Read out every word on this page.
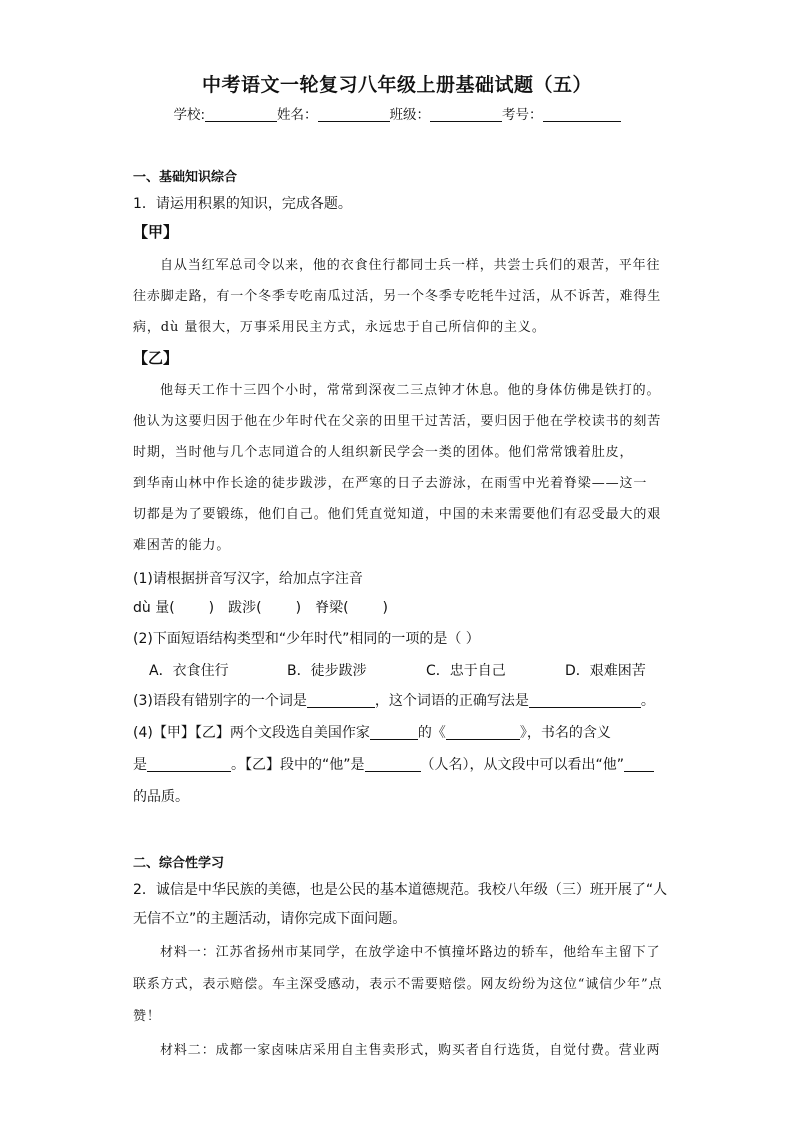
中考语文一轮复习八年级上册基础试题（五）
学校:	姓名：	班级：	考号：
一、基础知识综合
1．请运用积累的知识，完成各题。
【甲】
自从当红军总司令以来，他的衣食住行都同士兵一样，共尝士兵们的艰苦，平年往
往赤脚走路，有一个冬季专吃南瓜过活，另一个冬季专吃牦牛过活，从不诉苦，难得生
病，dù 量很大，万事采用民主方式，永远忠于自己所信仰的主义。
【乙】
他每天工作十三四个小时，常常到深夜二三点钟才休息。他的身体仿佛是铁打的。
他认为这要归因于他在少年时代在父亲的田里干过苦活，要归因于他在学校读书的刻苦
时期，当时他与几个志同道合的人组织新民学会一类的团体。他们常常饿着肚皮，
到华南山林中作长途的徒步跋涉，在严寒的日子去游泳，在雨雪中光着脊梁——这一
切都是为了要锻练，他们自己。他们凭直觉知道，中国的未来需要他们有忍受最大的艰
难困苦的能力。
(1)请根据拼音写汉字，给加点字注音
dù 量( ) 跋涉( ) 脊梁( )
(2)下面短语结构类型和“少年时代”相同的一项的是（ ）
A．衣食住行	B．徒步跋涉	C．忠于自己	D．艰难困苦
(3)语段有错别字的一个词是	，这个词语的正确写法是	。
(4)【甲】【乙】两个文段选自美国作家	的《	》，书名的含义
是	。【乙】段中的“他”是	（人名），从文段中可以看出“他”
的品质。
二、综合性学习
2．诚信是中华民族的美德，也是公民的基本道德规范。我校八年级（三）班开展了“人
无信不立”的主题活动，请你完成下面问题。
材料一：江苏省扬州市某同学，在放学途中不慎撞坏路边的轿车，他给车主留下了
联系方式，表示赔偿。车主深受感动，表示不需要赔偿。网友纷纷为这位“诚信少年”点
赞！
材料二：成都一家卤味店采用自主售卖形式，购买者自行选货，自觉付费。营业两
